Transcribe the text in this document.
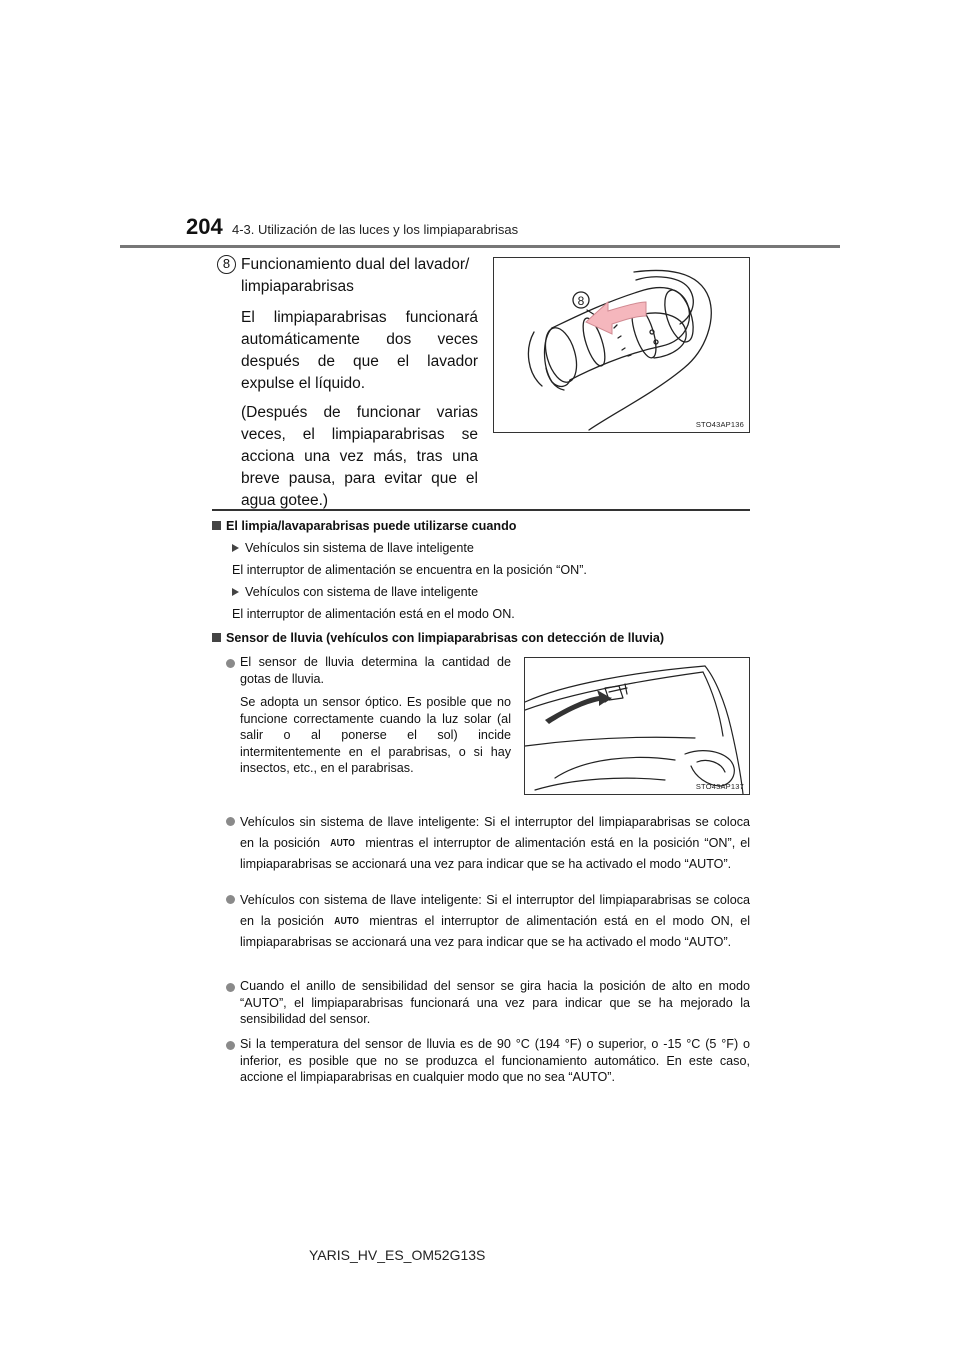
204 4-3. Utilización de las luces y los limpiaparabrisas
8 Funcionamiento dual del lavador/ limpiaparabrisas

El limpiaparabrisas funcionará automáticamente dos veces después de que el lavador expulse el líquido.

(Después de funcionar varias veces, el limpiaparabrisas se acciona una vez más, tras una breve pausa, para evitar que el agua gotee.)

8
STO43AP136
El limpia/lavaparabrisas puede utilizarse cuando
Vehículos sin sistema de llave inteligente
El interruptor de alimentación se encuentra en la posición “ON”.
Vehículos con sistema de llave inteligente
El interruptor de alimentación está en el modo ON.
Sensor de lluvia (vehículos con limpiaparabrisas con detección de lluvia)

El sensor de lluvia determina la cantidad de gotas de lluvia.

Se adopta un sensor óptico. Es posible que no funcione correctamente cuando la luz solar (al salir o al ponerse el sol) incide intermitentemente en el parabrisas, o si hay insectos, etc., en el parabrisas.

STO43AP137
Vehículos sin sistema de llave inteligente: Si el interruptor del limpiaparabrisas se coloca en la posición AUTO mientras el interruptor de alimentación está en la posición “ON”, el limpiaparabrisas se accionará una vez para indicar que se ha activado el modo “AUTO”.
Vehículos con sistema de llave inteligente: Si el interruptor del limpiaparabrisas se coloca en la posición AUTO mientras el interruptor de alimentación está en el modo ON, el limpiaparabrisas se accionará una vez para indicar que se ha activado el modo “AUTO”.
Cuando el anillo de sensibilidad del sensor se gira hacia la posición de alto en modo “AUTO”, el limpiaparabrisas funcionará una vez para indicar que se ha mejorado la sensibilidad del sensor.
Si la temperatura del sensor de lluvia es de 90 °C (194 °F) o superior, o -15 °C (5 °F) o inferior, es posible que no se produzca el funcionamiento automático. En este caso, accione el limpiaparabrisas en cualquier modo que no sea “AUTO”.
YARIS_HV_ES_OM52G13S
